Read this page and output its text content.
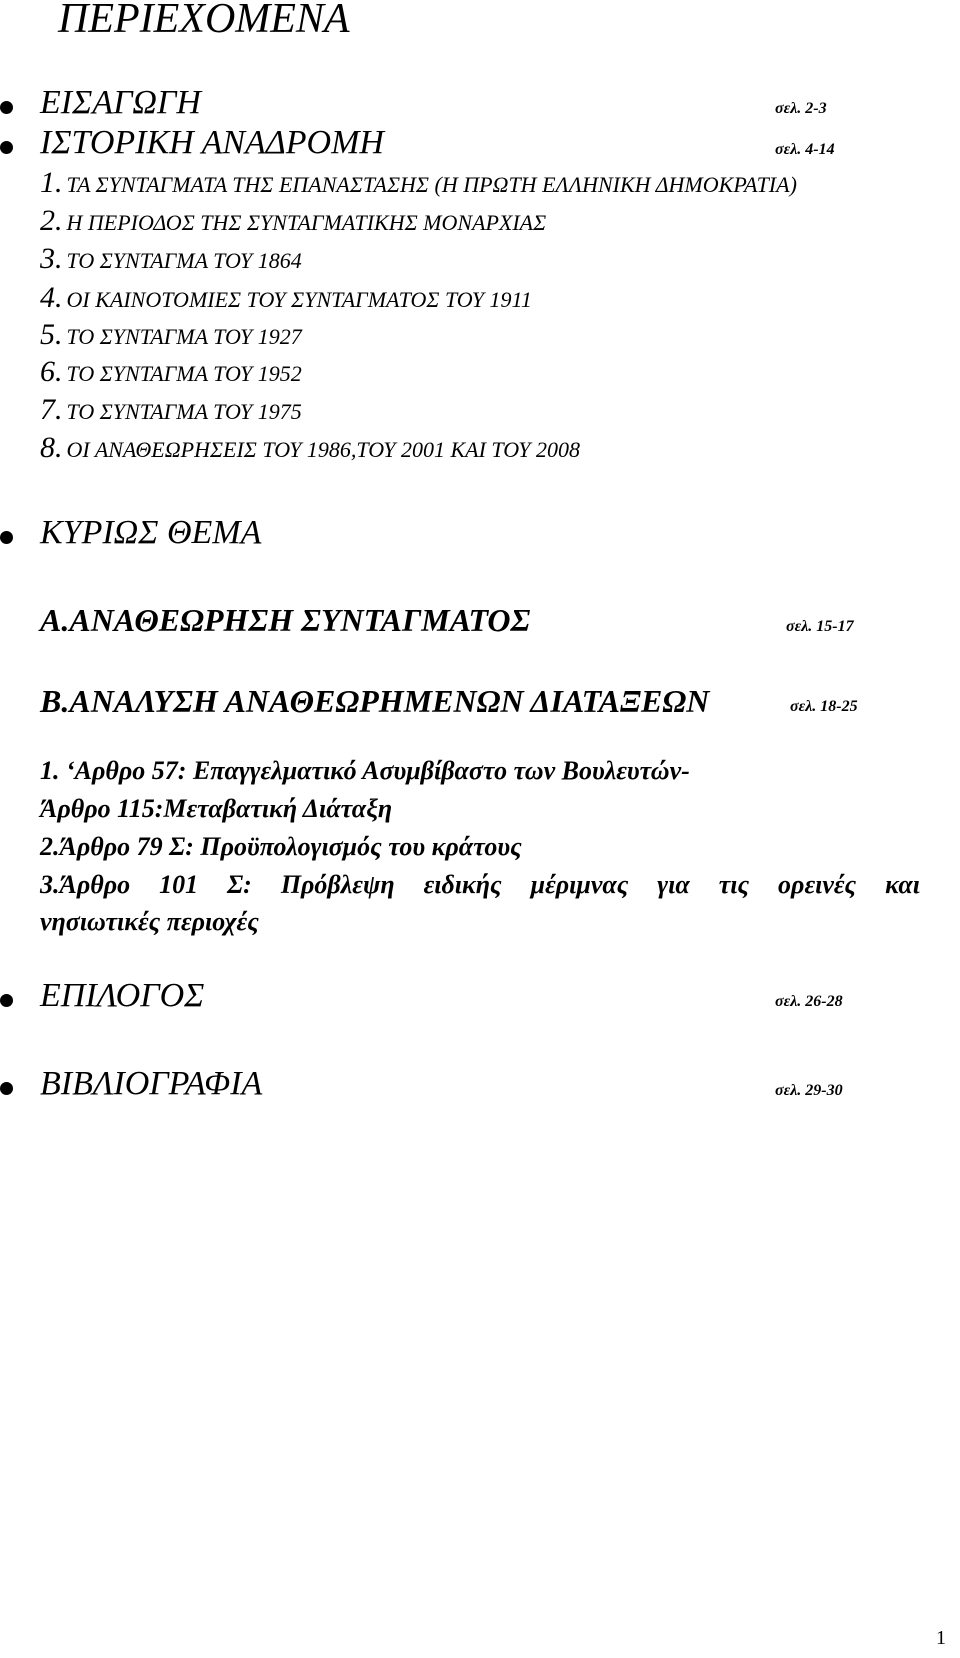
ΠΕΡΙΕΧΟΜΕΝΑ
ΕΙΣΑΓΩΓΗ	σελ. 2-3
ΙΣΤΟΡΙΚΗ ΑΝΑΔΡΟΜΗ	σελ. 4-14
1. ΤΑ ΣΥΝΤΑΓΜΑΤΑ ΤΗΣ ΕΠΑΝΑΣΤΑΣΗΣ (Η ΠΡΩΤΗ ΕΛΛΗΝΙΚΗ ΔΗΜΟΚΡΑΤΙΑ)
2. Η ΠΕΡΙΟΔΟΣ ΤΗΣ ΣΥΝΤΑΓΜΑΤΙΚΗΣ ΜΟΝΑΡΧΙΑΣ
3. ΤΟ ΣΥΝΤΑΓΜΑ ΤΟΥ 1864
4. ΟΙ ΚΑΙΝΟΤΟΜΙΕΣ ΤΟΥ ΣΥΝΤΑΓΜΑΤΟΣ ΤΟΥ 1911
5. ΤΟ ΣΥΝΤΑΓΜΑ ΤΟΥ 1927
6. ΤΟ ΣΥΝΤΑΓΜΑ ΤΟΥ 1952
7. ΤΟ ΣΥΝΤΑΓΜΑ ΤΟΥ 1975
8. ΟΙ ΑΝΑΘΕΩΡΗΣΕΙΣ ΤΟΥ 1986,ΤΟΥ 2001 ΚΑΙ ΤΟΥ 2008
ΚΥΡΙΩΣ ΘΕΜΑ
Α.ΑΝΑΘΕΩΡΗΣΗ ΣΥΝΤΑΓΜΑΤΟΣ	σελ. 15-17
Β.ΑΝΑΛΥΣΗ ΑΝΑΘΕΩΡΗΜΕΝΩΝ ΔΙΑΤΑΞΕΩΝ	σελ. 18-25
1. ‘Αρθρο 57: Επαγγελματικό Ασυμβίβαστο των Βουλευτών-
Άρθρο 115:Μεταβατική Διάταξη
2.Άρθρο 79 Σ: Προϋπολογισμός του κράτους
3.Άρθρο 101 Σ: Πρόβλεψη ειδικής μέριμνας για τις ορεινές και
νησιωτικές περιοχές
ΕΠΙΛΟΓΟΣ	σελ. 26-28
ΒΙΒΛΙΟΓΡΑΦΙΑ	σελ. 29-30
1
